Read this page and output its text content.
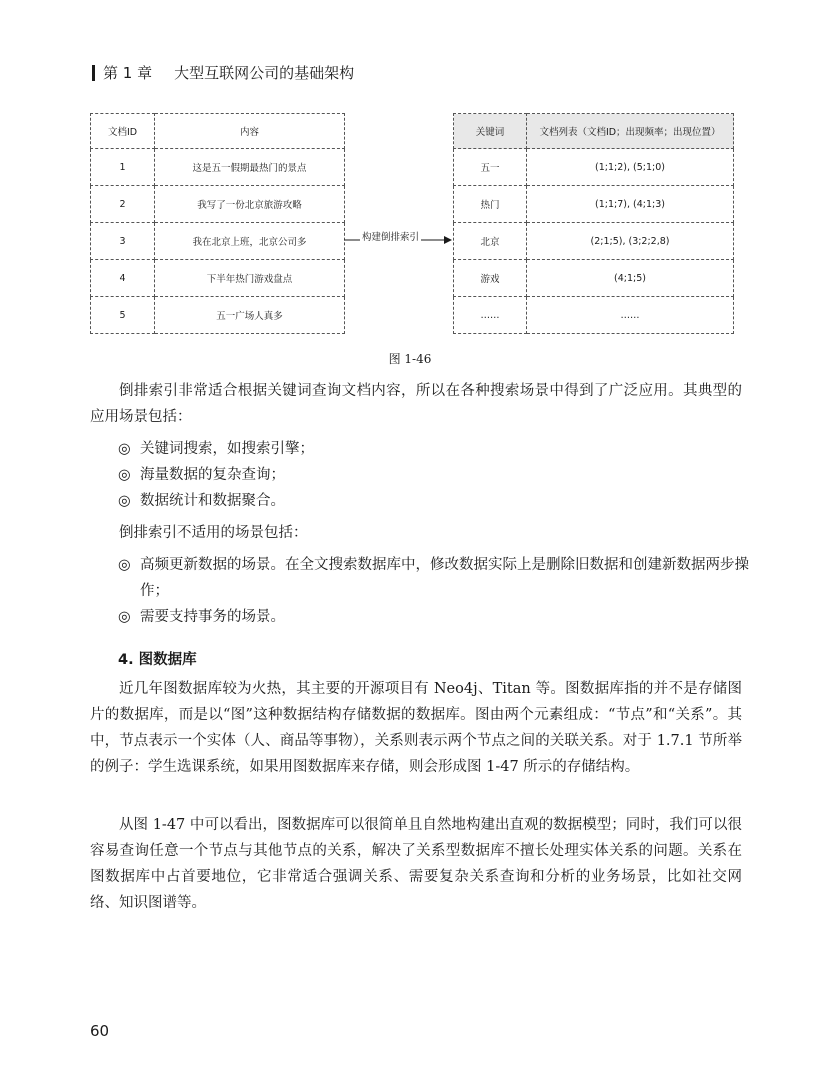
第 1 章 大型互联网公司的基础架构
文档ID	内容
1	这是五一假期最热门的景点
2	我写了一份北京旅游攻略
3	我在北京上班，北京公司多
4	下半年热门游戏盘点
5	五一广场人真多
构建倒排索引
关键词	文档列表（文档ID；出现频率；出现位置）
五一	(1;1;2), (5;1;0)
热门	(1;1;7), (4;1;3)
北京	(2;1;5), (3;2;2,8)
游戏	(4;1;5)
……	……
图 1-46

倒排索引非常适合根据关键词查询文档内容，所以在各种搜索场景中得到了广泛应用。其典型的应用场景包括：

◎ 关键词搜索，如搜索引擎；

◎ 海量数据的复杂查询；

◎ 数据统计和数据聚合。

倒排索引不适用的场景包括：

◎ 高频更新数据的场景。在全文搜索数据库中，修改数据实际上是删除旧数据和创建新数据两步操作；

◎ 需要支持事务的场景。

4. 图数据库

近几年图数据库较为火热，其主要的开源项目有 Neo4j、Titan 等。图数据库指的并不是存储图片的数据库，而是以“图”这种数据结构存储数据的数据库。图由两个元素组成：“节点”和“关系”。其中，节点表示一个实体（人、商品等事物），关系则表示两个节点之间的关联关系。对于 1.7.1 节所举的例子：学生选课系统，如果用图数据库来存储，则会形成图 1-47 所示的存储结构。

从图 1-47 中可以看出，图数据库可以很简单且自然地构建出直观的数据模型；同时，我们可以很容易查询任意一个节点与其他节点的关系，解决了关系型数据库不擅长处理实体关系的问题。关系在图数据库中占首要地位，它非常适合强调关系、需要复杂关系查询和分析的业务场景，比如社交网络、知识图谱等。

60
